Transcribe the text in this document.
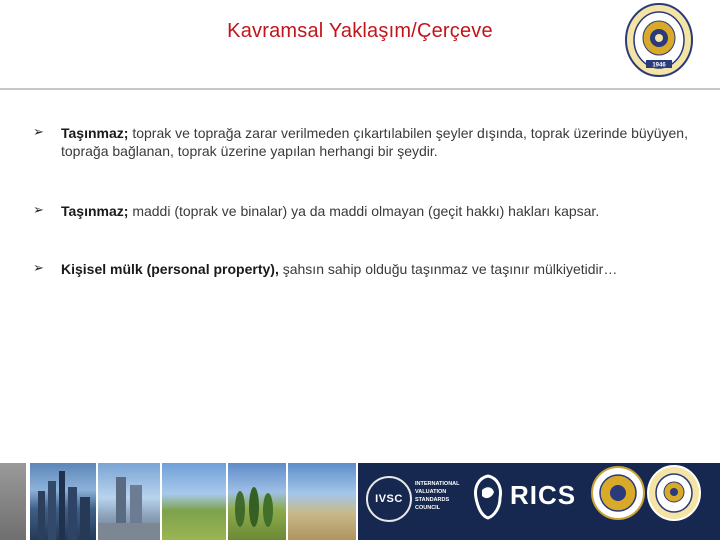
Kavramsal Yaklaşım/Çerçeve
1946
➢ Taşınmaz; toprak ve toprağa zarar verilmeden çıkartılabilen şeyler dışında, toprak üzerinde büyüyen, toprağa bağlanan, toprak üzerine yapılan herhangi bir şeydir.
➢ Taşınmaz; maddi (toprak ve binalar) ya da maddi olmayan (geçit hakkı) hakları kapsar.
➢ Kişisel mülk (personal property), şahsın sahip olduğu taşınmaz ve taşınır mülkiyetidir…
IVSC
INTERNATIONAL
VALUATION
STANDARDS
COUNCIL	RICS
